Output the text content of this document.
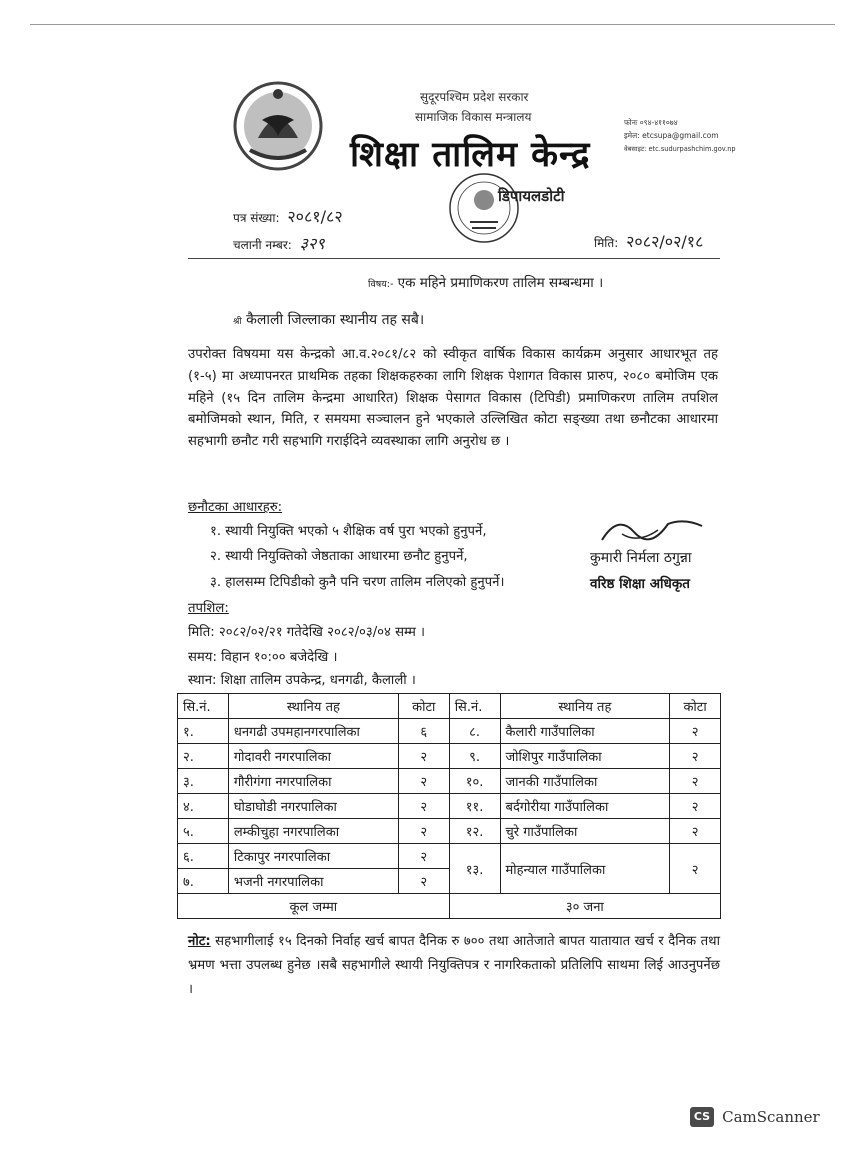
सुदूरपश्चिम प्रदेश सरकार
सामाजिक विकास मन्त्रालय
शिक्षा तालिम केन्द्र
फोनः ०९४-४११०७४
इमेल: etcsupa@gmail.com
वेबसाइट: etc.sudurpashchim.gov.np
डिपायलडोटी
पत्र संख्या: २०८१/८२
चलानी नम्बर: ३२९	मिति: २०८२/०२/१८
विषय:- एक महिने प्रमाणिकरण तालिम सम्बन्धमा ।
श्री कैलाली जिल्लाका स्थानीय तह सबै।
उपरोक्त विषयमा यस केन्द्रको आ.व.२०८१/८२ को स्वीकृत वार्षिक विकास कार्यक्रम अनुसार आधारभूत तह (१-५) मा अध्यापनरत प्राथमिक तहका शिक्षकहरुका लागि शिक्षक पेशागत विकास प्रारुप, २०८० बमोजिम एक महिने (१५ दिन तालिम केन्द्रमा आधारित) शिक्षक पेसागत विकास (टिपिडी) प्रमाणिकरण तालिम तपशिल बमोजिमको स्थान, मिति, र समयमा सञ्चालन हुने भएकाले उल्लिखित कोटा सङ्ख्या तथा छनौटका आधारमा सहभागी छनौट गरी सहभागि गराईदिने व्यवस्थाका लागि अनुरोध छ ।
छनौटका आधारहरु:
१. स्थायी नियुक्ति भएको ५ शैक्षिक वर्ष पुरा भएको हुनुपर्ने,
२. स्थायी नियुक्तिको जेष्ठताका आधारमा छनौट हुनुपर्ने,
३. हालसम्म टिपिडीको कुनै पनि चरण तालिम नलिएको हुनुपर्ने।
कुमारी निर्मला ठगुन्ना
वरिष्ठ शिक्षा अधिकृत
तपशिल:
मिति: २०८२/०२/२१ गतेदेखि २०८२/०३/०४ सम्म ।
समय: विहान १०:०० बजेदेखि ।
स्थान: शिक्षा तालिम उपकेन्द्र, धनगढी, कैलाली ।
सि.नं.	स्थानिय तह	कोटा	सि.नं.	स्थानिय तह	कोटा
१.	धनगढी उपमहानगरपालिका	६	८.	कैलारी गाउँपालिका	२
२.	गोदावरी नगरपालिका	२	९.	जोशिपुर गाउँपालिका	२
३.	गौरीगंगा नगरपालिका	२	१०.	जानकी गाउँपालिका	२
४.	घोडाघोडी नगरपालिका	२	११.	बर्दगोरीया गाउँपालिका	२
५.	लम्कीचुहा नगरपालिका	२	१२.	चुरे गाउँपालिका	२
६.	टिकापुर नगरपालिका	२	१३.	मोहन्याल गाउँपालिका	२
७.	भजनी नगरपालिका	२			
कूल जम्मा			३० जना		
नोट: सहभागीलाई १५ दिनको निर्वाह खर्च बापत दैनिक रु ७०० तथा आतेजाते बापत यातायात खर्च र दैनिक तथा भ्रमण भत्ता उपलब्ध हुनेछ ।सबै सहभागीले स्थायी नियुक्तिपत्र र नागरिकताको प्रतिलिपि साथमा लिई आउनुपर्नेछ ।
CS CamScanner
